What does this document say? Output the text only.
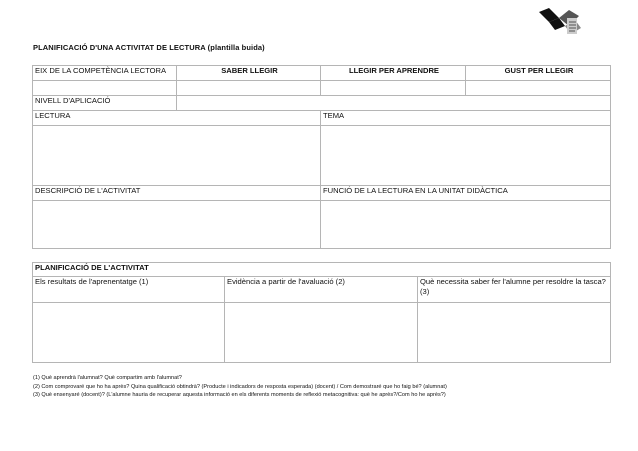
PLANIFICACIÓ D'UNA ACTIVITAT DE LECTURA (plantilla buida)
EIX DE LA COMPETÈNCIA LECTORA	SABER LLEGIR	LLEGIR PER APRENDRE	GUST PER LLEGIR

NIVELL D'APLICACIÓ			
LECTURA		TEMA	

DESCRIPCIÓ DE L'ACTIVITAT		FUNCIÓ DE LA LECTURA EN LA UNITAT DIDÀCTICA	

PLANIFICACIÓ DE L'ACTIVITAT		
Els resultats de l'aprenentatge (1)	Evidència a partir de l'avaluació (2)	Què necessita saber fer l'alumne per resoldre la tasca? (3)

(1) Què aprendrà l'alumnat? Què compartim amb l'alumnat?
(2) Com comprovaré que ho ha après? Quina qualificació obtindrà? (Producte i indicadors de resposta esperada) (docent) / Com demostraré que ho faig bé? (alumnat)
(3) Què ensenyaré (docent)? (L'alumne hauria de recuperar aquesta informació en els diferents moments de reflexió metacognitiva: què he après?/Com ho he après?)
